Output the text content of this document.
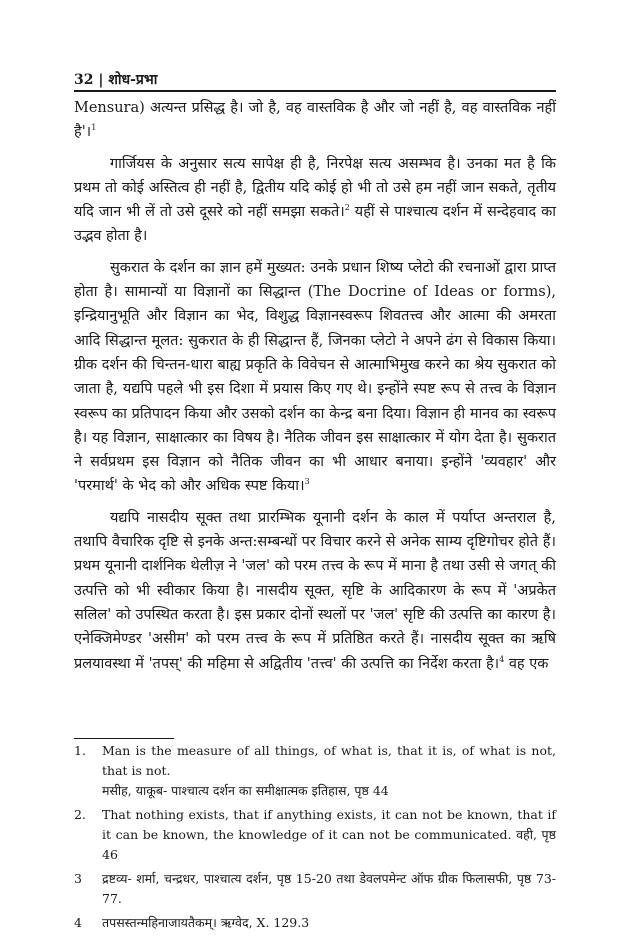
32 | शोध-प्रभा

Mensura) अत्यन्त प्रसिद्ध है। जो है, वह वास्तविक है और जो नहीं है, वह वास्तविक नहीं है'।$^1$

गार्जियस के अनुसार सत्य सापेक्ष ही है, निरपेक्ष सत्य असम्भव है। उनका मत है कि प्रथम तो कोई अस्तित्व ही नहीं है, द्वितीय यदि कोई हो भी तो उसे हम नहीं जान सकते, तृतीय यदि जान भी लें तो उसे दूसरे को नहीं समझा सकते।$^2$ यहीं से पाश्चात्य दर्शन में सन्देहवाद का उद्भव होता है।

सुकरात के दर्शन का ज्ञान हमें मुख्यत: उनके प्रधान शिष्य प्लेटो की रचनाओं द्वारा प्राप्त होता है। सामान्यों या विज्ञानों का सिद्धान्त (The Docrine of Ideas or forms), इन्द्रियानुभूति और विज्ञान का भेद, विशुद्ध विज्ञानस्वरूप शिवतत्त्व और आत्मा की अमरता आदि सिद्धान्त मूलत: सुकरात के ही सिद्धान्त हैं, जिनका प्लेटो ने अपने ढंग से विकास किया। ग्रीक दर्शन की चिन्तन-धारा बाह्य प्रकृति के विवेचन से आत्माभिमुख करने का श्रेय सुकरात को जाता है, यद्यपि पहले भी इस दिशा में प्रयास किए गए थे। इन्होंने स्पष्ट रूप से तत्त्व के विज्ञान स्वरूप का प्रतिपादन किया और उसको दर्शन का केन्द्र बना दिया। विज्ञान ही मानव का स्वरूप है। यह विज्ञान, साक्षात्कार का विषय है। नैतिक जीवन इस साक्षात्कार में योग देता है। सुकरात ने सर्वप्रथम इस विज्ञान को नैतिक जीवन का भी आधार बनाया। इन्होंने 'व्यवहार' और 'परमार्थ' के भेद को और अधिक स्पष्ट किया।$^3$

यद्यपि नासदीय सूक्त तथा प्रारम्भिक यूनानी दर्शन के काल में पर्याप्त अन्तराल है, तथापि वैचारिक दृष्टि से इनके अन्त:सम्बन्धों पर विचार करने से अनेक साम्य दृष्टिगोचर होते हैं। प्रथम यूनानी दार्शनिक थेलीज़ ने 'जल' को परम तत्त्व के रूप में माना है तथा उसी से जगत् की उत्पत्ति को भी स्वीकार किया है। नासदीय सूक्त, सृष्टि के आदिकारण के रूप में 'अप्रकेत सलिल' को उपस्थित करता है। इस प्रकार दोनों स्थलों पर 'जल' सृष्टि की उत्पत्ति का कारण है। एनेक्जिमेण्डर 'असीम' को परम तत्त्व के रूप में प्रतिष्ठित करते हैं। नासदीय सूक्त का ऋषि प्रलयावस्था में 'तपस्' की महिमा से अद्वितीय 'तत्त्व' की उत्पत्ति का निर्देश करता है।$^4$ वह एक

1.	Man is the measure of all things, of what is, that it is, of what is not, that is not.
मसीह, याकूब- पाश्चात्य दर्शन का समीक्षात्मक इतिहास, पृष्ठ 44
2.	That nothing exists, that if anything exists, it can not be known, that if it can be known, the knowledge of it can not be communicated. वही, पृष्ठ 46
3	द्रष्टव्य- शर्मा, चन्द्रधर, पाश्चात्य दर्शन, पृष्ठ 15-20 तथा डेवलपमेन्ट ऑफ ग्रीक फिलासफी, पृष्ठ 73-77.
4	तपसस्तन्महिनाजायतैकम्। ऋग्वेद, X. 129.3
